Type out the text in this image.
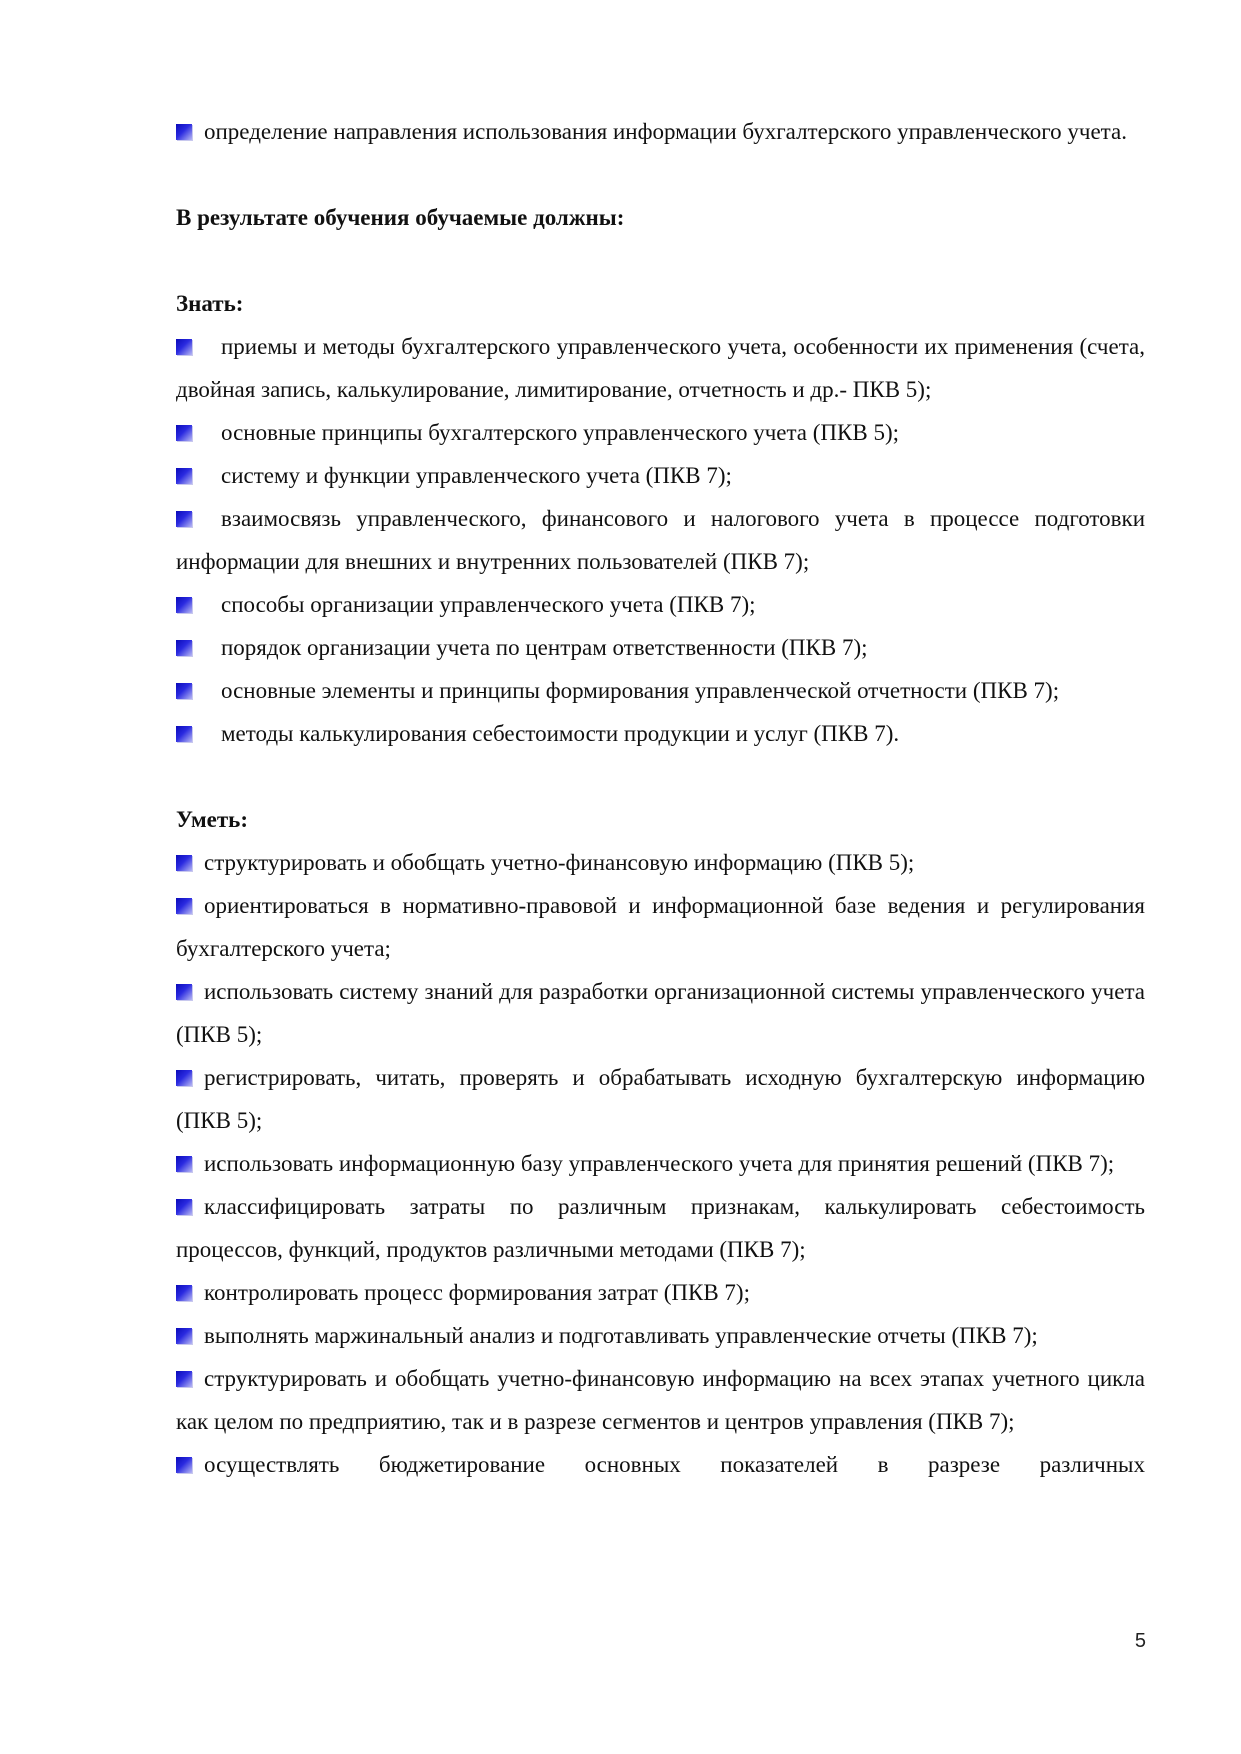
определение направления использования информации бухгалтерского управленческого учета.

В результате обучения обучаемые должны:

Знать:

приемы и методы бухгалтерского управленческого учета, особенности их применения (счета, двойная запись, калькулирование, лимитирование, отчетность и др.- ПКВ 5);

основные принципы бухгалтерского управленческого учета (ПКВ 5);

систему и функции управленческого учета (ПКВ 7);

взаимосвязь управленческого, финансового и налогового учета в процессе подготовки информации для внешних и внутренних пользователей (ПКВ 7);

способы организации управленческого учета (ПКВ 7);

порядок организации учета по центрам ответственности (ПКВ 7);

основные элементы и принципы формирования управленческой отчетности (ПКВ 7);

методы калькулирования себестоимости продукции и услуг (ПКВ 7).

Уметь:

структурировать и обобщать учетно-финансовую информацию (ПКВ 5);

ориентироваться в нормативно-правовой и информационной базе ведения и регулирования бухгалтерского учета;

использовать систему знаний для разработки организационной системы управленческого учета (ПКВ 5);

регистрировать, читать, проверять и обрабатывать исходную бухгалтерскую информацию (ПКВ 5);

использовать информационную базу управленческого учета для принятия решений (ПКВ 7);

классифицировать затраты по различным признакам, калькулировать себестоимость процессов, функций, продуктов различными методами (ПКВ 7);

контролировать процесс формирования затрат (ПКВ 7);

выполнять маржинальный анализ и подготавливать управленческие отчеты (ПКВ 7);

структурировать и обобщать учетно-финансовую информацию на всех этапах учетного цикла как целом по предприятию, так и в разрезе сегментов и центров управления (ПКВ 7);

осуществлять бюджетирование основных показателей в разрезе различных

5
